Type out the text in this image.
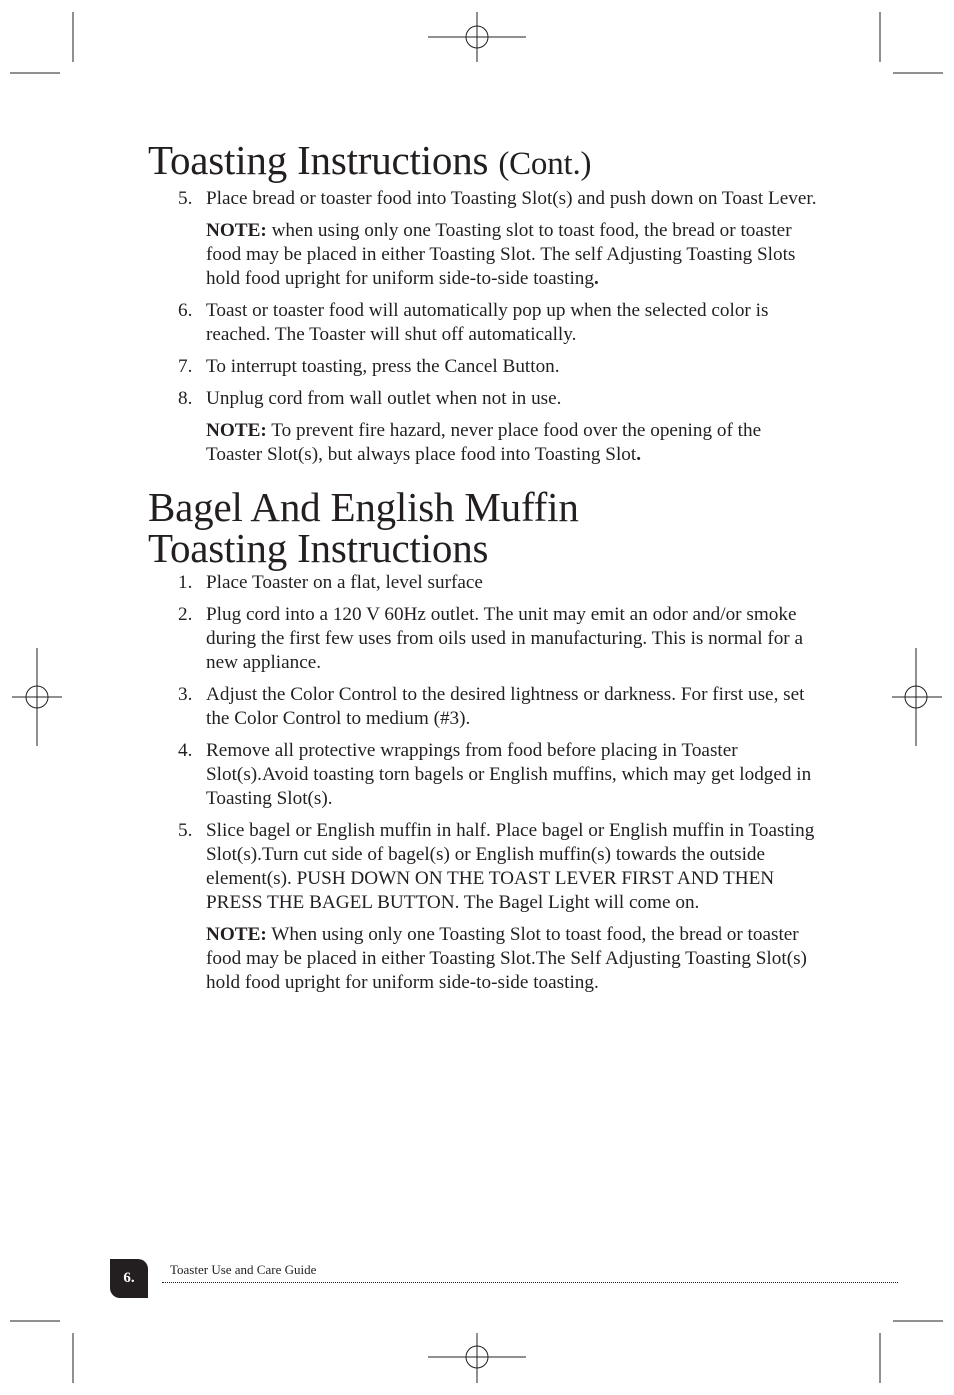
Toasting Instructions (Cont.)
5. Place bread or toaster food into Toasting Slot(s) and push down on Toast Lever.
NOTE: when using only one Toasting slot to toast food, the bread or toaster food may be placed in either Toasting Slot. The self Adjusting Toasting Slots hold food upright for uniform side-to-side toasting.
6. Toast or toaster food will automatically pop up when the selected color is reached. The Toaster will shut off automatically.
7. To interrupt toasting, press the Cancel Button.
8. Unplug cord from wall outlet when not in use.
NOTE: To prevent fire hazard, never place food over the opening of the Toaster Slot(s), but always place food into Toasting Slot.
Bagel And English Muffin
Toasting Instructions
1. Place Toaster on a flat, level surface
2. Plug cord into a 120 V 60Hz outlet. The unit may emit an odor and/or smoke during the first few uses from oils used in manufacturing. This is normal for a new appliance.
3. Adjust the Color Control to the desired lightness or darkness. For first use, set the Color Control to medium (#3).
4. Remove all protective wrappings from food before placing in Toaster Slot(s).Avoid toasting torn bagels or English muffins, which may get lodged in Toasting Slot(s).
5. Slice bagel or English muffin in half. Place bagel or English muffin in Toasting Slot(s).Turn cut side of bagel(s) or English muffin(s) towards the outside element(s). PUSH DOWN ON THE TOAST LEVER FIRST AND THEN PRESS THE BAGEL BUTTON. The Bagel Light will come on.
NOTE: When using only one Toasting Slot to toast food, the bread or toaster food may be placed in either Toasting Slot.The Self Adjusting Toasting Slot(s) hold food upright for uniform side-to-side toasting.
6.
Toaster Use and Care Guide
